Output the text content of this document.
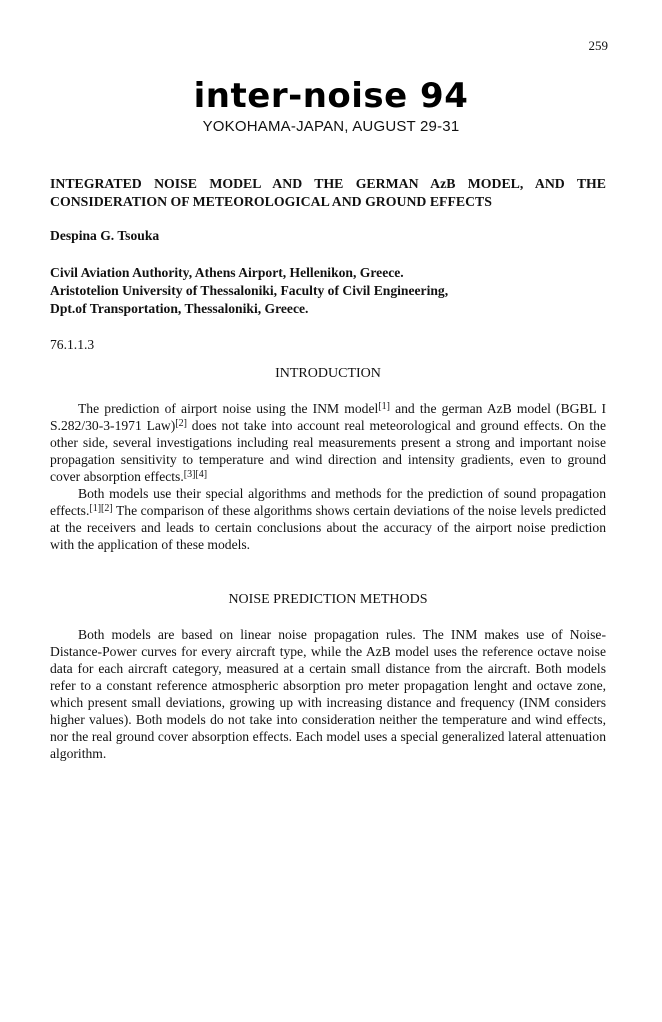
259
inter-noise 94
YOKOHAMA-JAPAN, AUGUST 29-31

INTEGRATED NOISE MODEL AND THE GERMAN AzB MODEL, AND THE CONSIDERATION OF METEOROLOGICAL AND GROUND EFFECTS

Despina G. Tsouka

Civil Aviation Authority, Athens Airport, Hellenikon, Greece.
Aristotelion University of Thessaloniki, Faculty of Civil Engineering,
Dpt.of Transportation, Thessaloniki, Greece.

76.1.1.3

INTRODUCTION

The prediction of airport noise using the INM model[1] and the german AzB model (BGBL I S.282/30-3-1971 Law)[2] does not take into account real meteorological and ground effects. On the other side, several investigations including real measurements present a strong and important noise propagation sensitivity to temperature and wind direction and intensity gradients, even to ground cover absorption effects.[3][4]

Both models use their special algorithms and methods for the prediction of sound propagation effects.[1][2] The comparison of these algorithms shows certain deviations of the noise levels predicted at the receivers and leads to certain conclusions about the accuracy of the airport noise prediction with the application of these models.

NOISE PREDICTION METHODS

Both models are based on linear noise propagation rules. The INM makes use of Noise-Distance-Power curves for every aircraft type, while the AzB model uses the reference octave noise data for each aircraft category, measured at a certain small distance from the aircraft. Both models refer to a constant reference atmospheric absorption pro meter propagation lenght and octave zone, which present small deviations, growing up with increasing distance and frequency (INM considers higher values). Both models do not take into consideration neither the temperature and wind effects, nor the real ground cover absorption effects. Each model uses a special generalized lateral attenuation algorithm.
